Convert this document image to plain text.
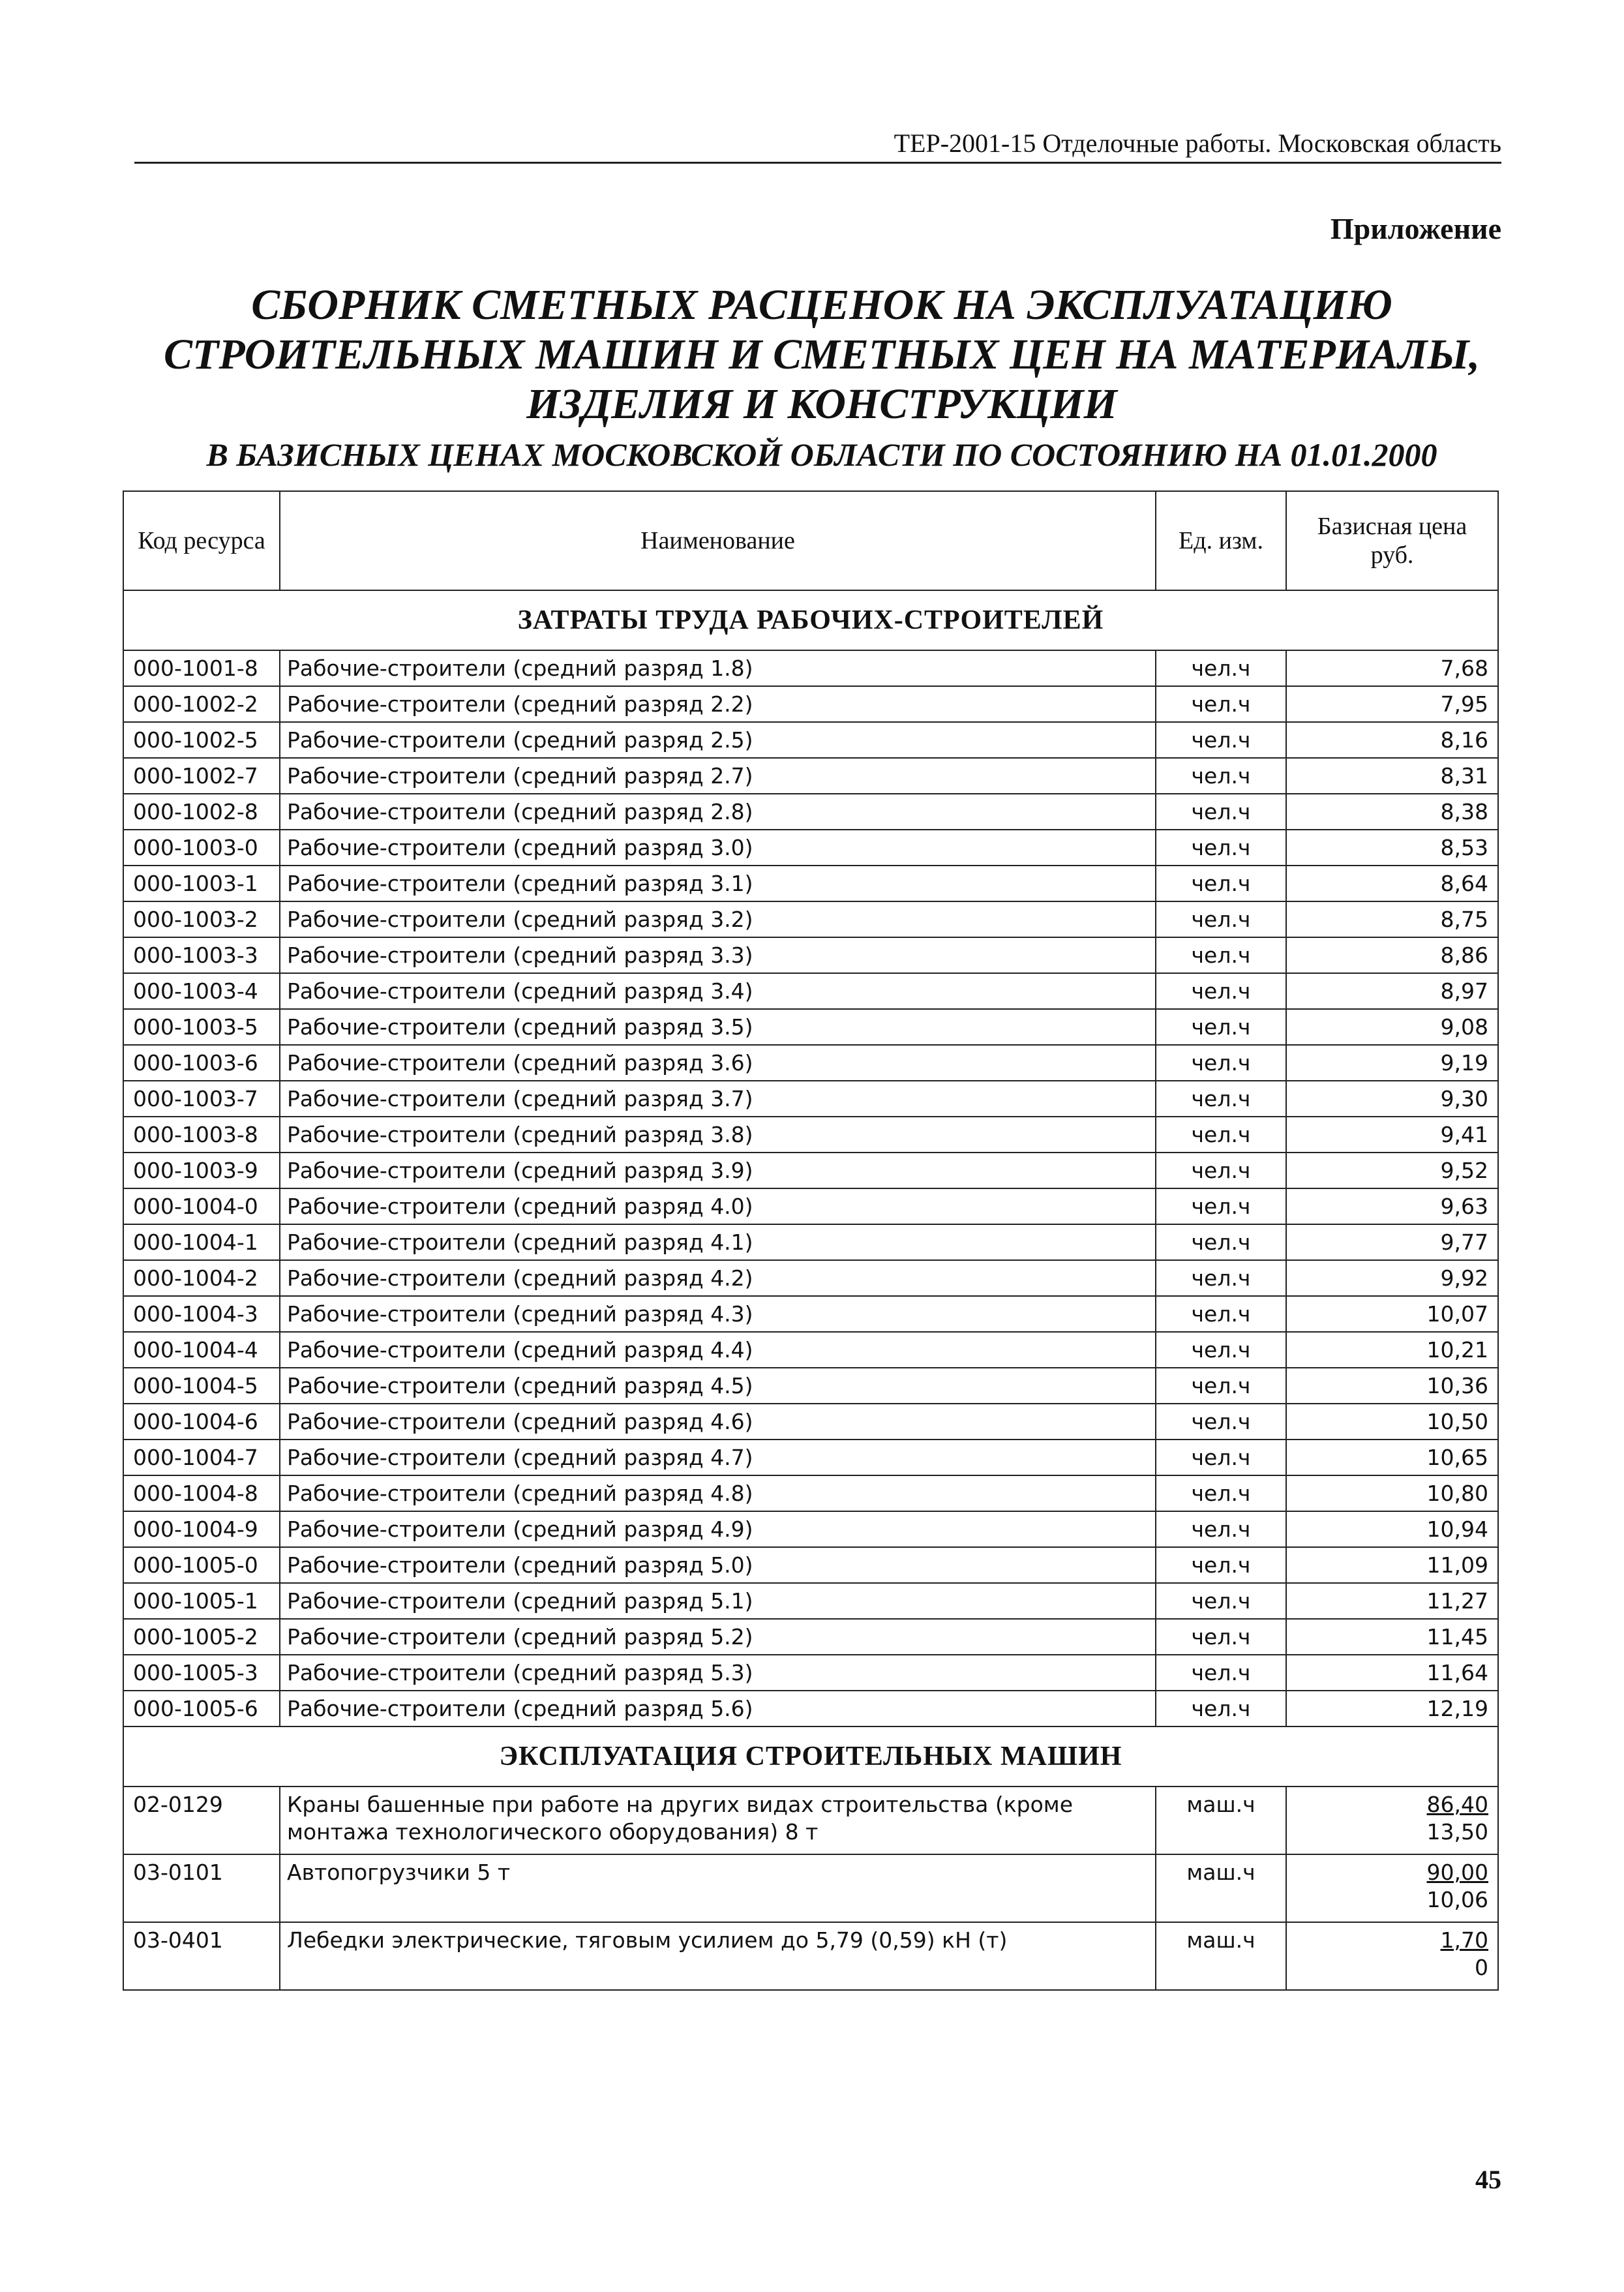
ТЕР-2001-15 Отделочные работы. Московская область
Приложение
СБОРНИК СМЕТНЫХ РАСЦЕНОК НА ЭКСПЛУАТАЦИЮ
СТРОИТЕЛЬНЫХ МАШИН И СМЕТНЫХ ЦЕН НА МАТЕРИАЛЫ,
ИЗДЕЛИЯ И КОНСТРУКЦИИ
В БАЗИСНЫХ ЦЕНАХ МОСКОВСКОЙ ОБЛАСТИ ПО СОСТОЯНИЮ НА 01.01.2000
Код ресурса	Наименование	Ед. изм.	Базисная цена руб.
ЗАТРАТЫ ТРУДА РАБОЧИХ-СТРОИТЕЛЕЙ			
000-1001-8	Рабочие-строители (средний разряд 1.8)	чел.ч	7,68
000-1002-2	Рабочие-строители (средний разряд 2.2)	чел.ч	7,95
000-1002-5	Рабочие-строители (средний разряд 2.5)	чел.ч	8,16
000-1002-7	Рабочие-строители (средний разряд 2.7)	чел.ч	8,31
000-1002-8	Рабочие-строители (средний разряд 2.8)	чел.ч	8,38
000-1003-0	Рабочие-строители (средний разряд 3.0)	чел.ч	8,53
000-1003-1	Рабочие-строители (средний разряд 3.1)	чел.ч	8,64
000-1003-2	Рабочие-строители (средний разряд 3.2)	чел.ч	8,75
000-1003-3	Рабочие-строители (средний разряд 3.3)	чел.ч	8,86
000-1003-4	Рабочие-строители (средний разряд 3.4)	чел.ч	8,97
000-1003-5	Рабочие-строители (средний разряд 3.5)	чел.ч	9,08
000-1003-6	Рабочие-строители (средний разряд 3.6)	чел.ч	9,19
000-1003-7	Рабочие-строители (средний разряд 3.7)	чел.ч	9,30
000-1003-8	Рабочие-строители (средний разряд 3.8)	чел.ч	9,41
000-1003-9	Рабочие-строители (средний разряд 3.9)	чел.ч	9,52
000-1004-0	Рабочие-строители (средний разряд 4.0)	чел.ч	9,63
000-1004-1	Рабочие-строители (средний разряд 4.1)	чел.ч	9,77
000-1004-2	Рабочие-строители (средний разряд 4.2)	чел.ч	9,92
000-1004-3	Рабочие-строители (средний разряд 4.3)	чел.ч	10,07
000-1004-4	Рабочие-строители (средний разряд 4.4)	чел.ч	10,21
000-1004-5	Рабочие-строители (средний разряд 4.5)	чел.ч	10,36
000-1004-6	Рабочие-строители (средний разряд 4.6)	чел.ч	10,50
000-1004-7	Рабочие-строители (средний разряд 4.7)	чел.ч	10,65
000-1004-8	Рабочие-строители (средний разряд 4.8)	чел.ч	10,80
000-1004-9	Рабочие-строители (средний разряд 4.9)	чел.ч	10,94
000-1005-0	Рабочие-строители (средний разряд 5.0)	чел.ч	11,09
000-1005-1	Рабочие-строители (средний разряд 5.1)	чел.ч	11,27
000-1005-2	Рабочие-строители (средний разряд 5.2)	чел.ч	11,45
000-1005-3	Рабочие-строители (средний разряд 5.3)	чел.ч	11,64
000-1005-6	Рабочие-строители (средний разряд 5.6)	чел.ч	12,19
ЭКСПЛУАТАЦИЯ СТРОИТЕЛЬНЫХ МАШИН			
02-0129	Краны башенные при работе на других видах строительства (кроме монтажа технологического оборудования) 8 т	маш.ч	86,40
13,50

03-0101	Автопогрузчики 5 т	маш.ч	90,00
10,06

03-0401	Лебедки электрические, тяговым усилием до 5,79 (0,59) кН (т)	маш.ч	1,70
0
45
